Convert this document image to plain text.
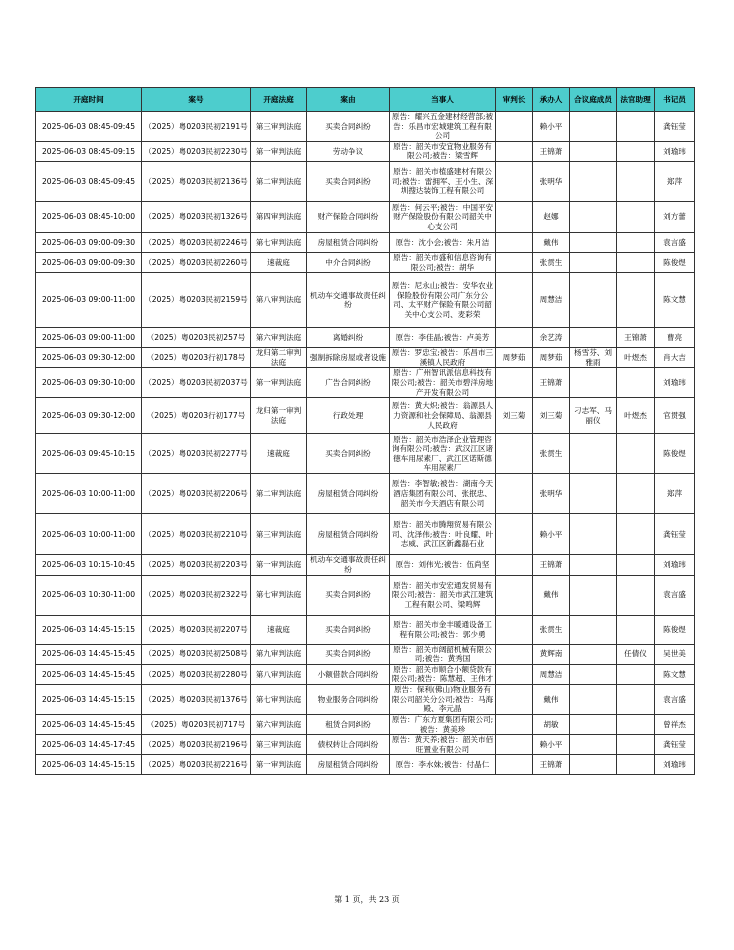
开庭时间	案号	开庭法庭	案由	当事人	审判长	承办人	合议庭成员	法官助理	书记员
2025-06-03 08:45-09:45	（2025）粤0203民初2191号	第三审判法庭	买卖合同纠纷	原告：耀兴五金建材经营部;被告：乐昌市宏城建筑工程有限公司		赖小平			龚钰莹
2025-06-03 08:45-09:15	（2025）粤0203民初2230号	第一审判法庭	劳动争议	原告：韶关市安宜物业服务有限公司;被告：梁雪辉		王锦萧			刘瑜玮
2025-06-03 08:45-09:45	（2025）粤0203民初2136号	第二审判法庭	买卖合同纠纷	原告：韶关市植盛建材有限公司;被告：雷拥军、王小生、深圳搜达装饰工程有限公司		张明华			郑萍
2025-06-03 08:45-10:00	（2025）粤0203民初1326号	第四审判法庭	财产保险合同纠纷	原告：何云平;被告：中国平安财产保险股份有限公司韶关中心支公司		赵娜			刘方蕾
2025-06-03 09:00-09:30	（2025）粤0203民初2246号	第七审判法庭	房屋租赁合同纠纷	原告：沈小会;被告：朱月洁		戴伟			袁言盛
2025-06-03 09:00-09:30	（2025）粤0203民初2260号	速裁庭	中介合同纠纷	原告：韶关市盛和信息咨询有限公司;被告：胡华		张贯生			陈俊煜
2025-06-03 09:00-11:00	（2025）粤0203民初2159号	第八审判法庭	机动车交通事故责任纠纷	原告：尼永山;被告：安华农业保险股份有限公司广东分公司、太平财产保险有限公司韶关中心支公司、麦彩荣		周慧洁			陈文慧
2025-06-03 09:00-11:00	（2025）粤0203民初257号	第六审判法庭	离婚纠纷	原告：李佳晶;被告：卢美芳		余艺涛		王锦萧	曹亮
2025-06-03 09:30-12:00	（2025）粤0203行初178号	龙归第二审判法庭	强制拆除房屋或者设施	原告：罗忠宝;被告：乐昌市三溪镇人民政府	周梦茹	周梦茹	杨雪芬、刘雅雨	叶煜杰	肖大吉
2025-06-03 09:30-10:00	（2025）粤0203民初2037号	第一审判法庭	广告合同纠纷	原告：广州智讯派信息科技有限公司;被告：韶关市碧洋房地产开发有限公司		王锦萧			刘瑜玮
2025-06-03 09:30-12:00	（2025）粤0203行初177号	龙归第一审判法庭	行政处理	原告：黄大炽;被告：翁源县人力资源和社会保障局、翁源县人民政府	刘三菊	刘三菊	刁志军、马丽仪	叶煜杰	官贯强
2025-06-03 09:45-10:15	（2025）粤0203民初2277号	速裁庭	买卖合同纠纷	原告：韶关市浩泽企业管理咨询有限公司;被告：武汉江区诸徳车用尿素厂、武江区诺斯德车用尿素厂		张贯生			陈俊煜
2025-06-03 10:00-11:00	（2025）粤0203民初2206号	第二审判法庭	房屋租赁合同纠纷	原告：李智敏;被告：湖南今天酒店集团有限公司、张抿忠、韶关市今天酒店有限公司		张明华			郑萍
2025-06-03 10:00-11:00	（2025）粤0203民初2210号	第三审判法庭	房屋租赁合同纠纷	原告：韶关市腾翔贸易有限公司、沈泽伟;被告：叶良耀、叶志威、武江区新鑫磊石业		赖小平			龚钰莹
2025-06-03 10:15-10:45	（2025）粤0203民初2203号	第一审判法庭	机动车交通事故责任纠纷	原告：刘伟光;被告：伍尚坚		王锦萧			刘瑜玮
2025-06-03 10:30-11:00	（2025）粤0203民初2322号	第七审判法庭	买卖合同纠纷	原告：韶关市安宏通发贸易有限公司;被告：韶关市武江建筑工程有限公司、梁鸣辉		戴伟			袁言盛
2025-06-03 14:45-15:15	（2025）粤0203民初2207号	速裁庭	买卖合同纠纷	原告：韶关市金丰暖通设备工程有限公司;被告：郭少勇		张贯生			陈俊煜
2025-06-03 14:45-15:45	（2025）粤0203民初2508号	第九审判法庭	买卖合同纠纷	原告：韶关市阔韶机械有限公司;被告：黄秀国		黄辉南		任倩仪	吴世美
2025-06-03 14:45-15:45	（2025）粤0203民初2280号	第八审判法庭	小额借款合同纠纷	原告：韶关市顺合小额贷款有限公司;被告：陈慧超、王伟才		周慧洁			陈文慧
2025-06-03 14:45-15:15	（2025）粤0203民初1376号	第七审判法庭	物业服务合同纠纷	原告：保利(佛山)物业服务有限公司韶关分公司;被告：马海殿、李元晶		戴伟			袁言盛
2025-06-03 14:45-15:45	（2025）粤0203民初717号	第六审判法庭	租赁合同纠纷	原告：广东方夏集团有限公司;被告：黄美珍		胡敏			曾祥杰
2025-06-03 14:45-17:45	（2025）粤0203民初2196号	第三审判法庭	债权转让合同纠纷	原告：黄天养;被告：韶关市佰旺置业有限公司		赖小平			龚钰莹
2025-06-03 14:45-15:15	（2025）粤0203民初2216号	第一审判法庭	房屋租赁合同纠纷	原告：李水妹;被告：付晶仁		王锦萧			刘瑜玮
第 1 页，共 23 页
